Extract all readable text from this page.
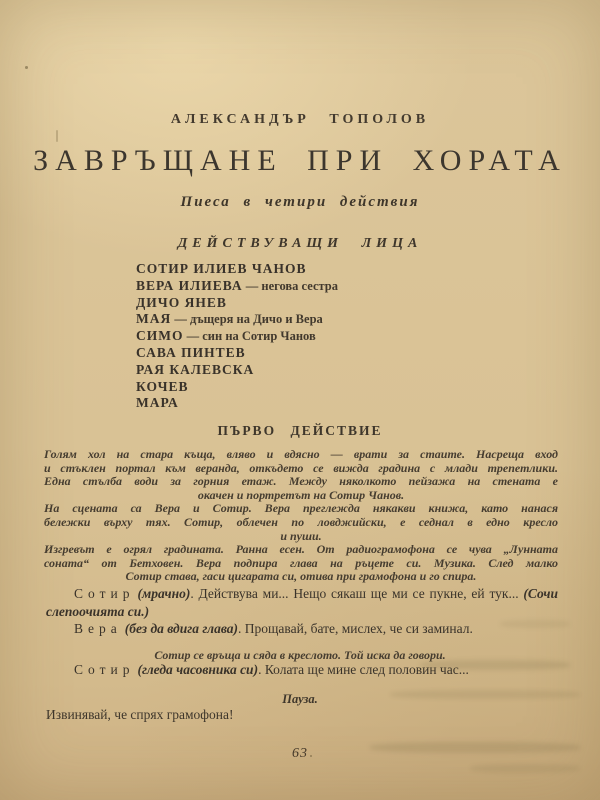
АЛЕКСАНДЪР ТОПОЛОВ
ЗАВРЪЩАНЕ ПРИ ХОРАТА
Пиеса в четири действия
ДЕЙСТВУВАЩИ ЛИЦА
СОТИР ИЛИЕВ ЧАНОВ
ВЕРА ИЛИЕВА — негова сестра
ДИЧО ЯНЕВ
МАЯ — дъщеря на Дичо и Вера
СИМО — син на Сотир Чанов
САВА ПИНТЕВ
РАЯ КАЛЕВСКА
КОЧЕВ
МАРА
ПЪРВО ДЕЙСТВИЕ
Голям хол на стара къща, вляво и вдясно — врати за стаите. Насреща вход
и стъклен портал към веранда, откъдето се вижда градина с млади трепетлики.
Една стълба води за горния етаж. Между няколкото пейзажа на стената е
окачен и портретът на Сотир Чанов.
На сцената са Вера и Сотир. Вера преглежда някакви книжа, като нанася
бележки върху тях. Сотир, облечен по ловджийски, е седнал в едно кресло
и пуши.
Изгревът е огрял градината. Ранна есен. От радиограмофона се чува „Лунната
соната“ от Бетховен. Вера подпира глава на ръцете си. Музика. След малко
Сотир става, гаси цигарата си, отива при грамофона и го спира.
Сотир (мрачно). Действува ми... Нещо сякаш ще ми се пукне, ей тук... (Сочи слепоочията си.)
Вера (без да вдига глава). Прощавай, бате, мислех, че си заминал.
Сотир се връща и сяда в креслото. Той иска да говори.
Сотир (гледа часовника си). Колата ще мине след половин час...
Пауза.
Извинявай, че спрях грамофона!
63
